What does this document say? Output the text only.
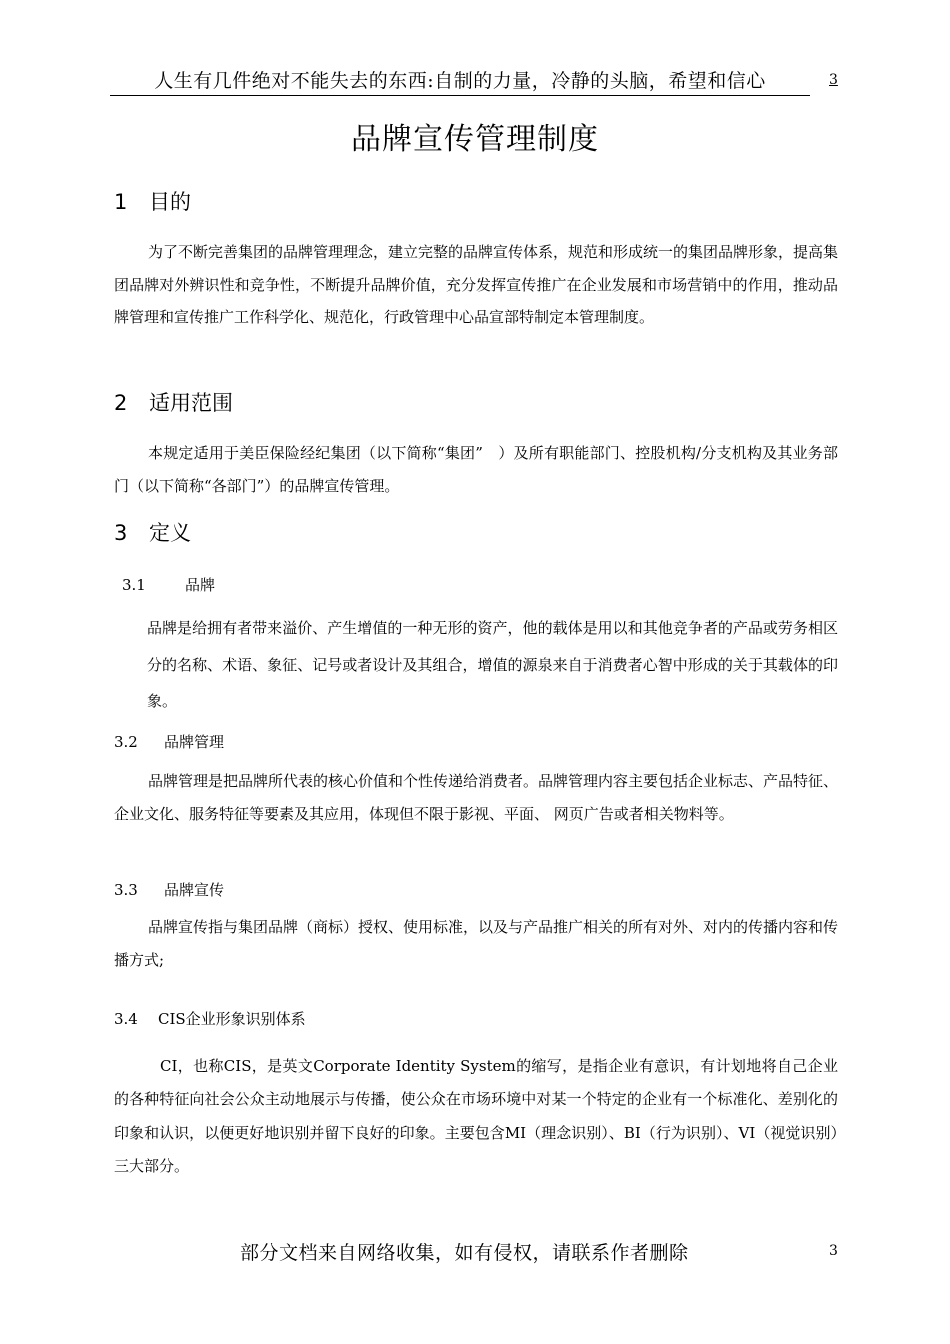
人生有几件绝对不能失去的东西:自制的力量，冷静的头脑，希望和信心	3
品牌宣传管理制度
1 目的
为了不断完善集团的品牌管理理念，建立完整的品牌宣传体系，规范和形成统一的集团品牌形象，提高集团品牌对外辨识性和竞争性，不断提升品牌价值，充分发挥宣传推广在企业发展和市场营销中的作用，推动品牌管理和宣传推广工作科学化、规范化，行政管理中心品宣部特制定本管理制度。
2 适用范围
本规定适用于美臣保险经纪集团（以下简称“集团”　）及所有职能部门、控股机构/分支机构及其业务部门（以下简称“各部门”）的品牌宣传管理。
3 定义
3.1	品牌
品牌是给拥有者带来溢价、产生增值的一种无形的资产，他的载体是用以和其他竞争者的产品或劳务相区分的名称、术语、象征、记号或者设计及其组合，增值的源泉来自于消费者心智中形成的关于其载体的印象。
3.2 品牌管理
品牌管理是把品牌所代表的核心价值和个性传递给消费者。品牌管理内容主要包括企业标志、产品特征、企业文化、服务特征等要素及其应用，体现但不限于影视、平面、 网页广告或者相关物料等。
3.3 品牌宣传
品牌宣传指与集团品牌（商标）授权、使用标准，以及与产品推广相关的所有对外、对内的传播内容和传播方式;
3.4 CIS企业形象识别体系
CI，也称CIS，是英文Corporate Identity System的缩写，是指企业有意识，有计划地将自己企业的各种特征向社会公众主动地展示与传播，使公众在市场环境中对某一个特定的企业有一个标准化、差别化的印象和认识，以便更好地识别并留下良好的印象。主要包含MI（理念识别）、BI（行为识别）、VI（视觉识别）三大部分。
部分文档来自网络收集，如有侵权，请联系作者删除	3
